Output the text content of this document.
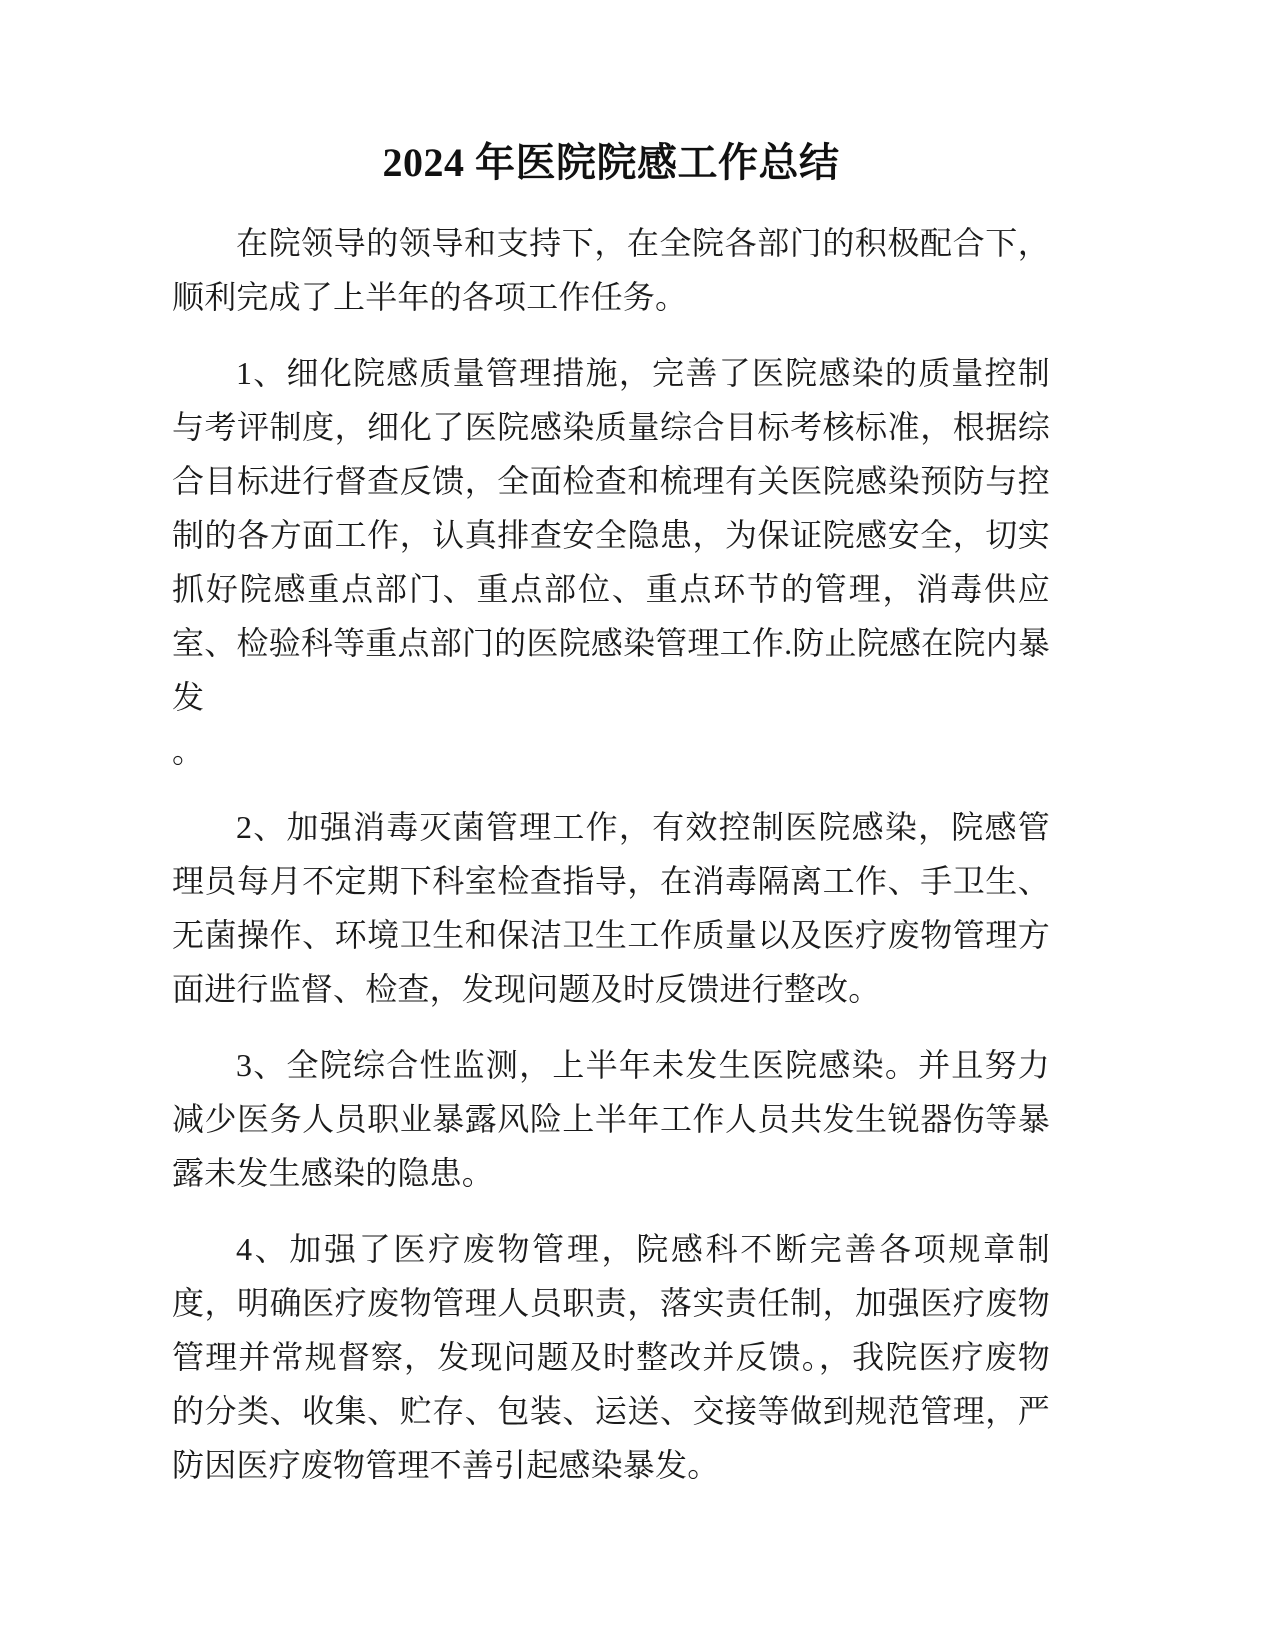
2024 年医院院感工作总结

在院领导的领导和支持下，在全院各部门的积极配合下，顺利完成了上半年的各项工作任务。

1、细化院感质量管理措施，完善了医院感染的质量控制与考评制度，细化了医院感染质量综合目标考核标准，根据综合目标进行督查反馈，全面检查和梳理有关医院感染预防与控制的各方面工作，认真排查安全隐患，为保证院感安全，切实抓好院感重点部门、重点部位、重点环节的管理，消毒供应室、检验科等重点部门的医院感染管理工作.防止院感在院内暴发

。

2、加强消毒灭菌管理工作，有效控制医院感染，院感管理员每月不定期下科室检查指导，在消毒隔离工作、手卫生、无菌操作、环境卫生和保洁卫生工作质量以及医疗废物管理方面进行监督、检查，发现问题及时反馈进行整改。

3、全院综合性监测，上半年未发生医院感染。并且努力减少医务人员职业暴露风险上半年工作人员共发生锐器伤等暴露未发生感染的隐患。

4、加强了医疗废物管理，院感科不断完善各项规章制度，明确医疗废物管理人员职责，落实责任制，加强医疗废物管理并常规督察，发现问题及时整改并反馈。，我院医疗废物的分类、收集、贮存、包装、运送、交接等做到规范管理，严防因医疗废物管理不善引起感染暴发。
